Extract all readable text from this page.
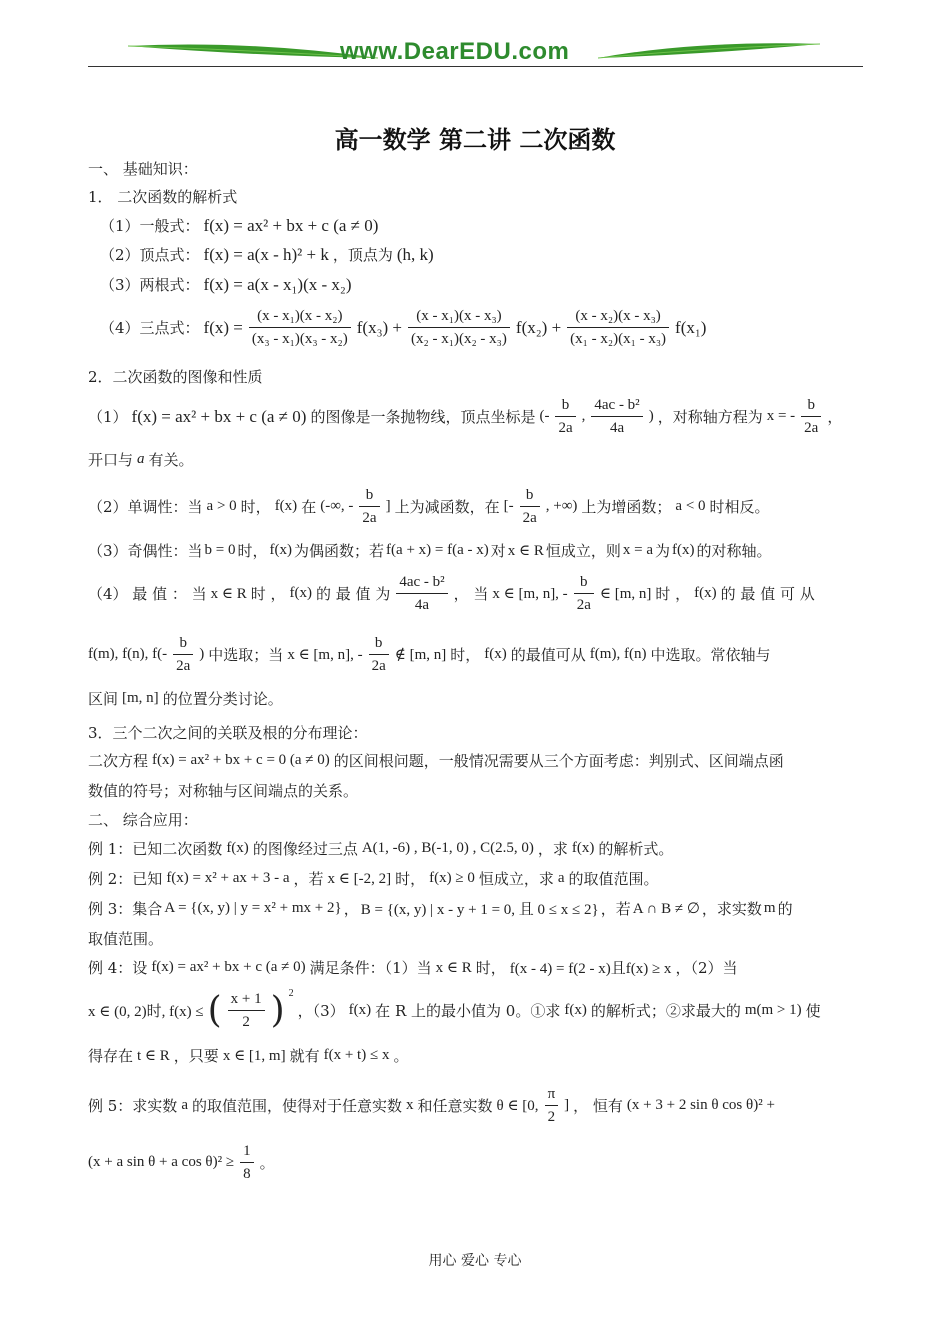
www.DearEDU.com
高一数学 第二讲 二次函数
一、 基础知识：
1． 二次函数的解析式
（1）一般式： f(x) = ax² + bx + c (a ≠ 0)
（2）顶点式： f(x) = a(x - h)² + k ，顶点为 (h, k)
（3）两根式： f(x) = a(x - x₁)(x - x₂)
（4）三点式： $f(x) = \frac{\text{(x - x₁)(x - x₂)}}{\text{(x₃ - x₁)(x₃ - x₂)}} f(x_3) + \frac{\text{(x - x₁)(x - x₃)}}{\text{(x₂ - x₁)(x₂ - x₃)}} f(x_2) + \frac{\text{(x - x₂)(x - x₃)}}{\text{(x₁ - x₂)(x₁ - x₃)}} f(x_1)$
2．二次函数的图像和性质
（1） f(x) = ax² + bx + c (a ≠ 0) 的图像是一条抛物线，顶点坐标是 (- $\frac{b}{2a}$ , $\frac{\text{4ac - b²}}{4a}$ ) ，对称轴方程为 x = - $\frac{b}{2a}$ ，
开口与 a 有关。
（2）单调性：当 a > 0 时， f(x) 在 (-∞, - $\frac{b}{2a}$ ] 上为减函数，在 [- $\frac{b}{2a}$ , +∞) 上为增函数； a < 0 时相反。
（3）奇偶性：当 b = 0 时， f(x) 为偶函数；若 f(a + x) = f(a - x) 对 x ∈ R 恒成立，则 x = a 为 f(x) 的对称轴。
（4） 最 值 ： 当 x ∈ R 时 ， f(x) 的 最 值 为 $\frac{\text{4ac - b²}}{4a}$ ， 当 x ∈ [m, n], - $\frac{b}{2a}$ ∈ [m, n] 时 ， f(x) 的 最 值 可 从
f(m), f(n), $f(- \frac{b}{2a}$ ) 中选取；当 x ∈ [m, n], - $\frac{b}{2a}$ ∉ [m, n] 时， f(x) 的最值可从 f(m), f(n) 中选取。常依轴与
区间 [m, n] 的位置分类讨论。
3．三个二次之间的关联及根的分布理论：
二次方程 f(x) = ax² + bx + c = 0 (a ≠ 0) 的区间根问题，一般情况需要从三个方面考虑：判别式、区间端点函
数值的符号；对称轴与区间端点的关系。
二、 综合应用：
例 1：已知二次函数 f(x) 的图像经过三点 A(1, -6) , B(-1, 0) , C(2.5, 0) ，求 f(x) 的解析式。
例 2：已知 f(x) = x² + ax + 3 - a ，若 x ∈ [-2, 2] 时， f(x) ≥ 0 恒成立，求 a 的取值范围。
例 3：集合 A = {(x, y) | y = x² + mx + 2} ， B = {(x, y) | x - y + 1 = 0, 且 0 ≤ x ≤ 2} ，若 A ∩ B ≠ ∅ ，求实数 m 的
取值范围。
例 4：设 f(x) = ax² + bx + c (a ≠ 0) 满足条件：（1）当 x ∈ R 时， f(x - 4) = f(2 - x)且f(x) ≥ x ，（2）当
x ∈ (0, 2)时, f(x) ≤ ( $\frac{x + 1}{2}$ ) $^2$
，（3） f(x) 在 R 上的最小值为 0。①求 f(x) 的解析式；②求最大的 m(m > 1) 使
得存在 t ∈ R ，只要 x ∈ [1, m] 就有 f(x + t) ≤ x 。
例 5：求实数 a 的取值范围，使得对于任意实数 x 和任意实数 θ ∈ [0, $\frac{\pi}{2}$ ] ， 恒有 (x + 3 + 2 sin θ cos θ)² +
(x + a sin θ + a $\cos \theta)^2 \ge \frac{1}{8}$ 。
用心 爱心 专心
